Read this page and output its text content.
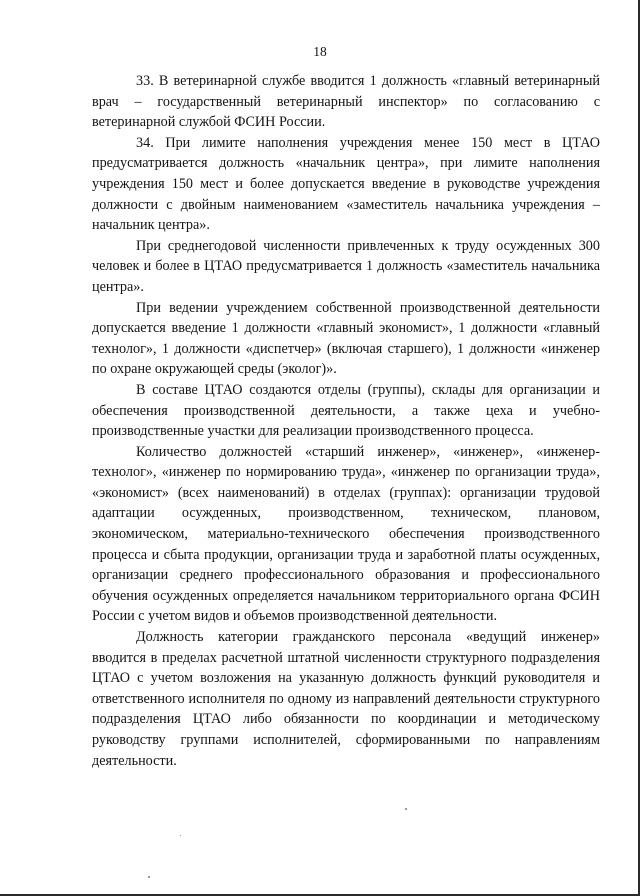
18

33. В ветеринарной службе вводится 1 должность «главный ветеринарный врач – государственный ветеринарный инспектор» по согласованию с ветеринарной службой ФСИН России.

34. При лимите наполнения учреждения менее 150 мест в ЦТАО предусматривается должность «начальник центра», при лимите наполнения учреждения 150 мест и более допускается введение в руководстве учреждения должности с двойным наименованием «заместитель начальника учреждения – начальник центра».

При среднегодовой численности привлеченных к труду осужденных 300 человек и более в ЦТАО предусматривается 1 должность «заместитель начальника центра».

При ведении учреждением собственной производственной деятельности допускается введение 1 должности «главный экономист», 1 должности «главный технолог», 1 должности «диспетчер» (включая старшего), 1 должности «инженер по охране окружающей среды (эколог)».

В составе ЦТАО создаются отделы (группы), склады для организации и обеспечения производственной деятельности, а также цеха и учебно-производственные участки для реализации производственного процесса.

Количество должностей «старший инженер», «инженер», «инженер-технолог», «инженер по нормированию труда», «инженер по организации труда», «экономист» (всех наименований) в отделах (группах): организации трудовой адаптации осужденных, производственном, техническом, плановом, экономическом, материально-технического обеспечения производственного процесса и сбыта продукции, организации труда и заработной платы осужденных, организации среднего профессионального образования и профессионального обучения осужденных определяется начальником территориального органа ФСИН России с учетом видов и объемов производственной деятельности.

Должность категории гражданского персонала «ведущий инженер» вводится в пределах расчетной штатной численности структурного подразделения ЦТАО с учетом возложения на указанную должность функций руководителя и ответственного исполнителя по одному из направлений деятельности структурного подразделения ЦТАО либо обязанности по координации и методическому руководству группами исполнителей, сформированными по направлениям деятельности.
